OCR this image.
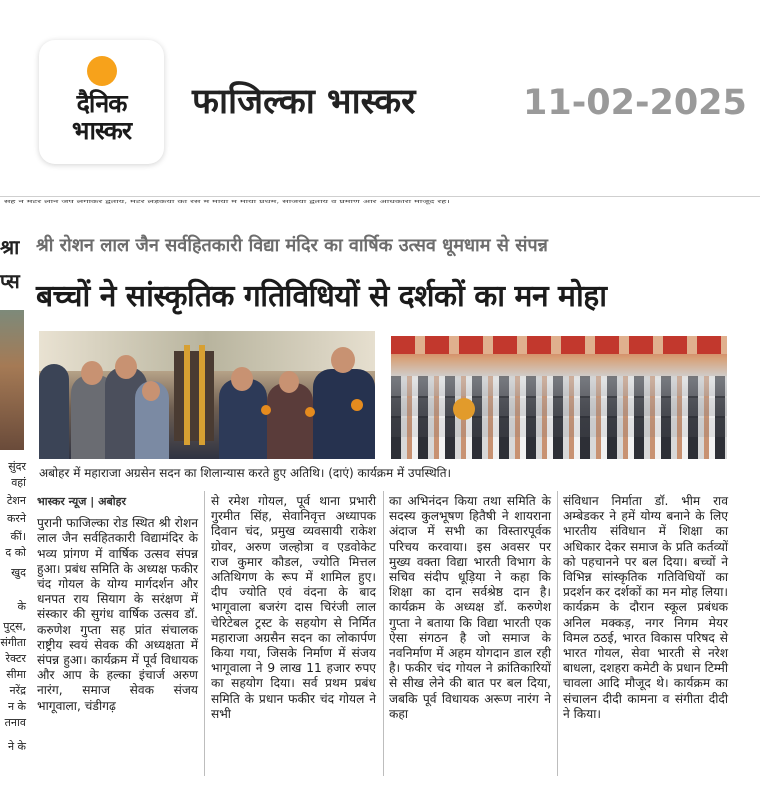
दैनिक
भास्कर
फाजिल्का भास्कर	11-02-2025
सह न मटर लान जप लगाकर द्वताय, मटर लड़कया का रस म माया म माया प्रथम, साजया द्वताय व प्रमाण आर आधकारा माजूद रह।
श्रा
प्स
सुंदर
वहां
टेशन
करने
कीं।
द को
खुद
के
पुट्स,
संगीता
रेक्टर
सीमा
नरेंद्र
न के
तनाव
ने के
श्री रोशन लाल जैन सर्वहितकारी विद्या मंदिर का वार्षिक उत्सव धूमधाम से संपन्न
बच्चों ने सांस्कृतिक गतिविधियों से दर्शकों का मन मोहा
अबोहर में महाराजा अग्रसेन सदन का शिलान्यास करते हुए अतिथि। (दाएं) कार्यक्रम में उपस्थिति।
भास्कर न्यूज | अबोहर

पुरानी फाजिल्का रोड स्थित श्री रोशन लाल जैन सर्वहितकारी विद्यामंदिर के भव्य प्रांगण में वार्षिक उत्सव संपन्न हुआ। प्रबंध समिति के अध्यक्ष फकीर चंद गोयल के योग्य मार्गदर्शन और धनपत राय सियाग के सरंक्षण में संस्कार की सुगंध वार्षिक उत्सव डॉ. करुणेश गुप्ता सह प्रांत संचालक राष्ट्रीय स्वयं सेवक की अध्यक्षता में संपन्न हुआ। कार्यक्रम में पूर्व विधायक और आप के हल्का इंचार्ज अरुण नारंग, समाज सेवक संजय भागूवाला, चंडीगढ़

से रमेश गोयल, पूर्व थाना प्रभारी गुरमीत सिंह, सेवानिवृत्त अध्यापक दिवान चंद, प्रमुख व्यवसायी राकेश ग्रोवर, अरुण जल्होत्रा व एडवोकेट राज कुमार कौडल, ज्योति मित्तल अतिथिगण के रूप में शामिल हुए। दीप ज्योति एवं वंदना के बाद भागूवाला बजरंग दास चिरंजी लाल चेरिटेबल ट्रस्ट के सहयोग से निर्मित महाराजा अग्रसैन सदन का लोकार्पण किया गया, जिसके निर्माण में संजय भागूवाला ने 9 लाख 11 हजार रुपए का सहयोग दिया। सर्व प्रथम प्रबंध समिति के प्रधान फकीर चंद गोयल ने सभी

का अभिनंदन किया तथा समिति के सदस्य कुलभूषण हितैषी ने शायराना अंदाज में सभी का विस्तारपूर्वक परिचय करवाया। इस अवसर पर मुख्य वक्ता विद्या भारती विभाग के सचिव संदीप धूड़िया ने कहा कि शिक्षा का दान सर्वश्रेष्ठ दान है। कार्यक्रम के अध्यक्ष डॉ. करुणेश गुप्ता ने बताया कि विद्या भारती एक ऐसा संगठन है जो समाज के नवनिर्माण में अहम योगदान डाल रही है। फकीर चंद गोयल ने क्रांतिकारियों से सीख लेने की बात पर बल दिया, जबकि पूर्व विधायक अरूण नारंग ने कहा

संविधान निर्माता डॉ. भीम राव अम्बेडकर ने हमें योग्य बनाने के लिए भारतीय संविधान में शिक्षा का अधिकार देकर समाज के प्रति कर्तव्यों को पहचानने पर बल दिया। बच्चों ने विभिन्न सांस्कृतिक गतिविधियों का प्रदर्शन कर दर्शकों का मन मोह लिया। कार्यक्रम के दौरान स्कूल प्रबंधक अनिल मक्कड़, नगर निगम मेयर विमल ठठई, भारत विकास परिषद से भारत गोयल, सेवा भारती से नरेश बाधला, दशहरा कमेटी के प्रधान टिम्मी चावला आदि मौजूद थे। कार्यक्रम का संचालन दीदी कामना व संगीता दीदी ने किया।
